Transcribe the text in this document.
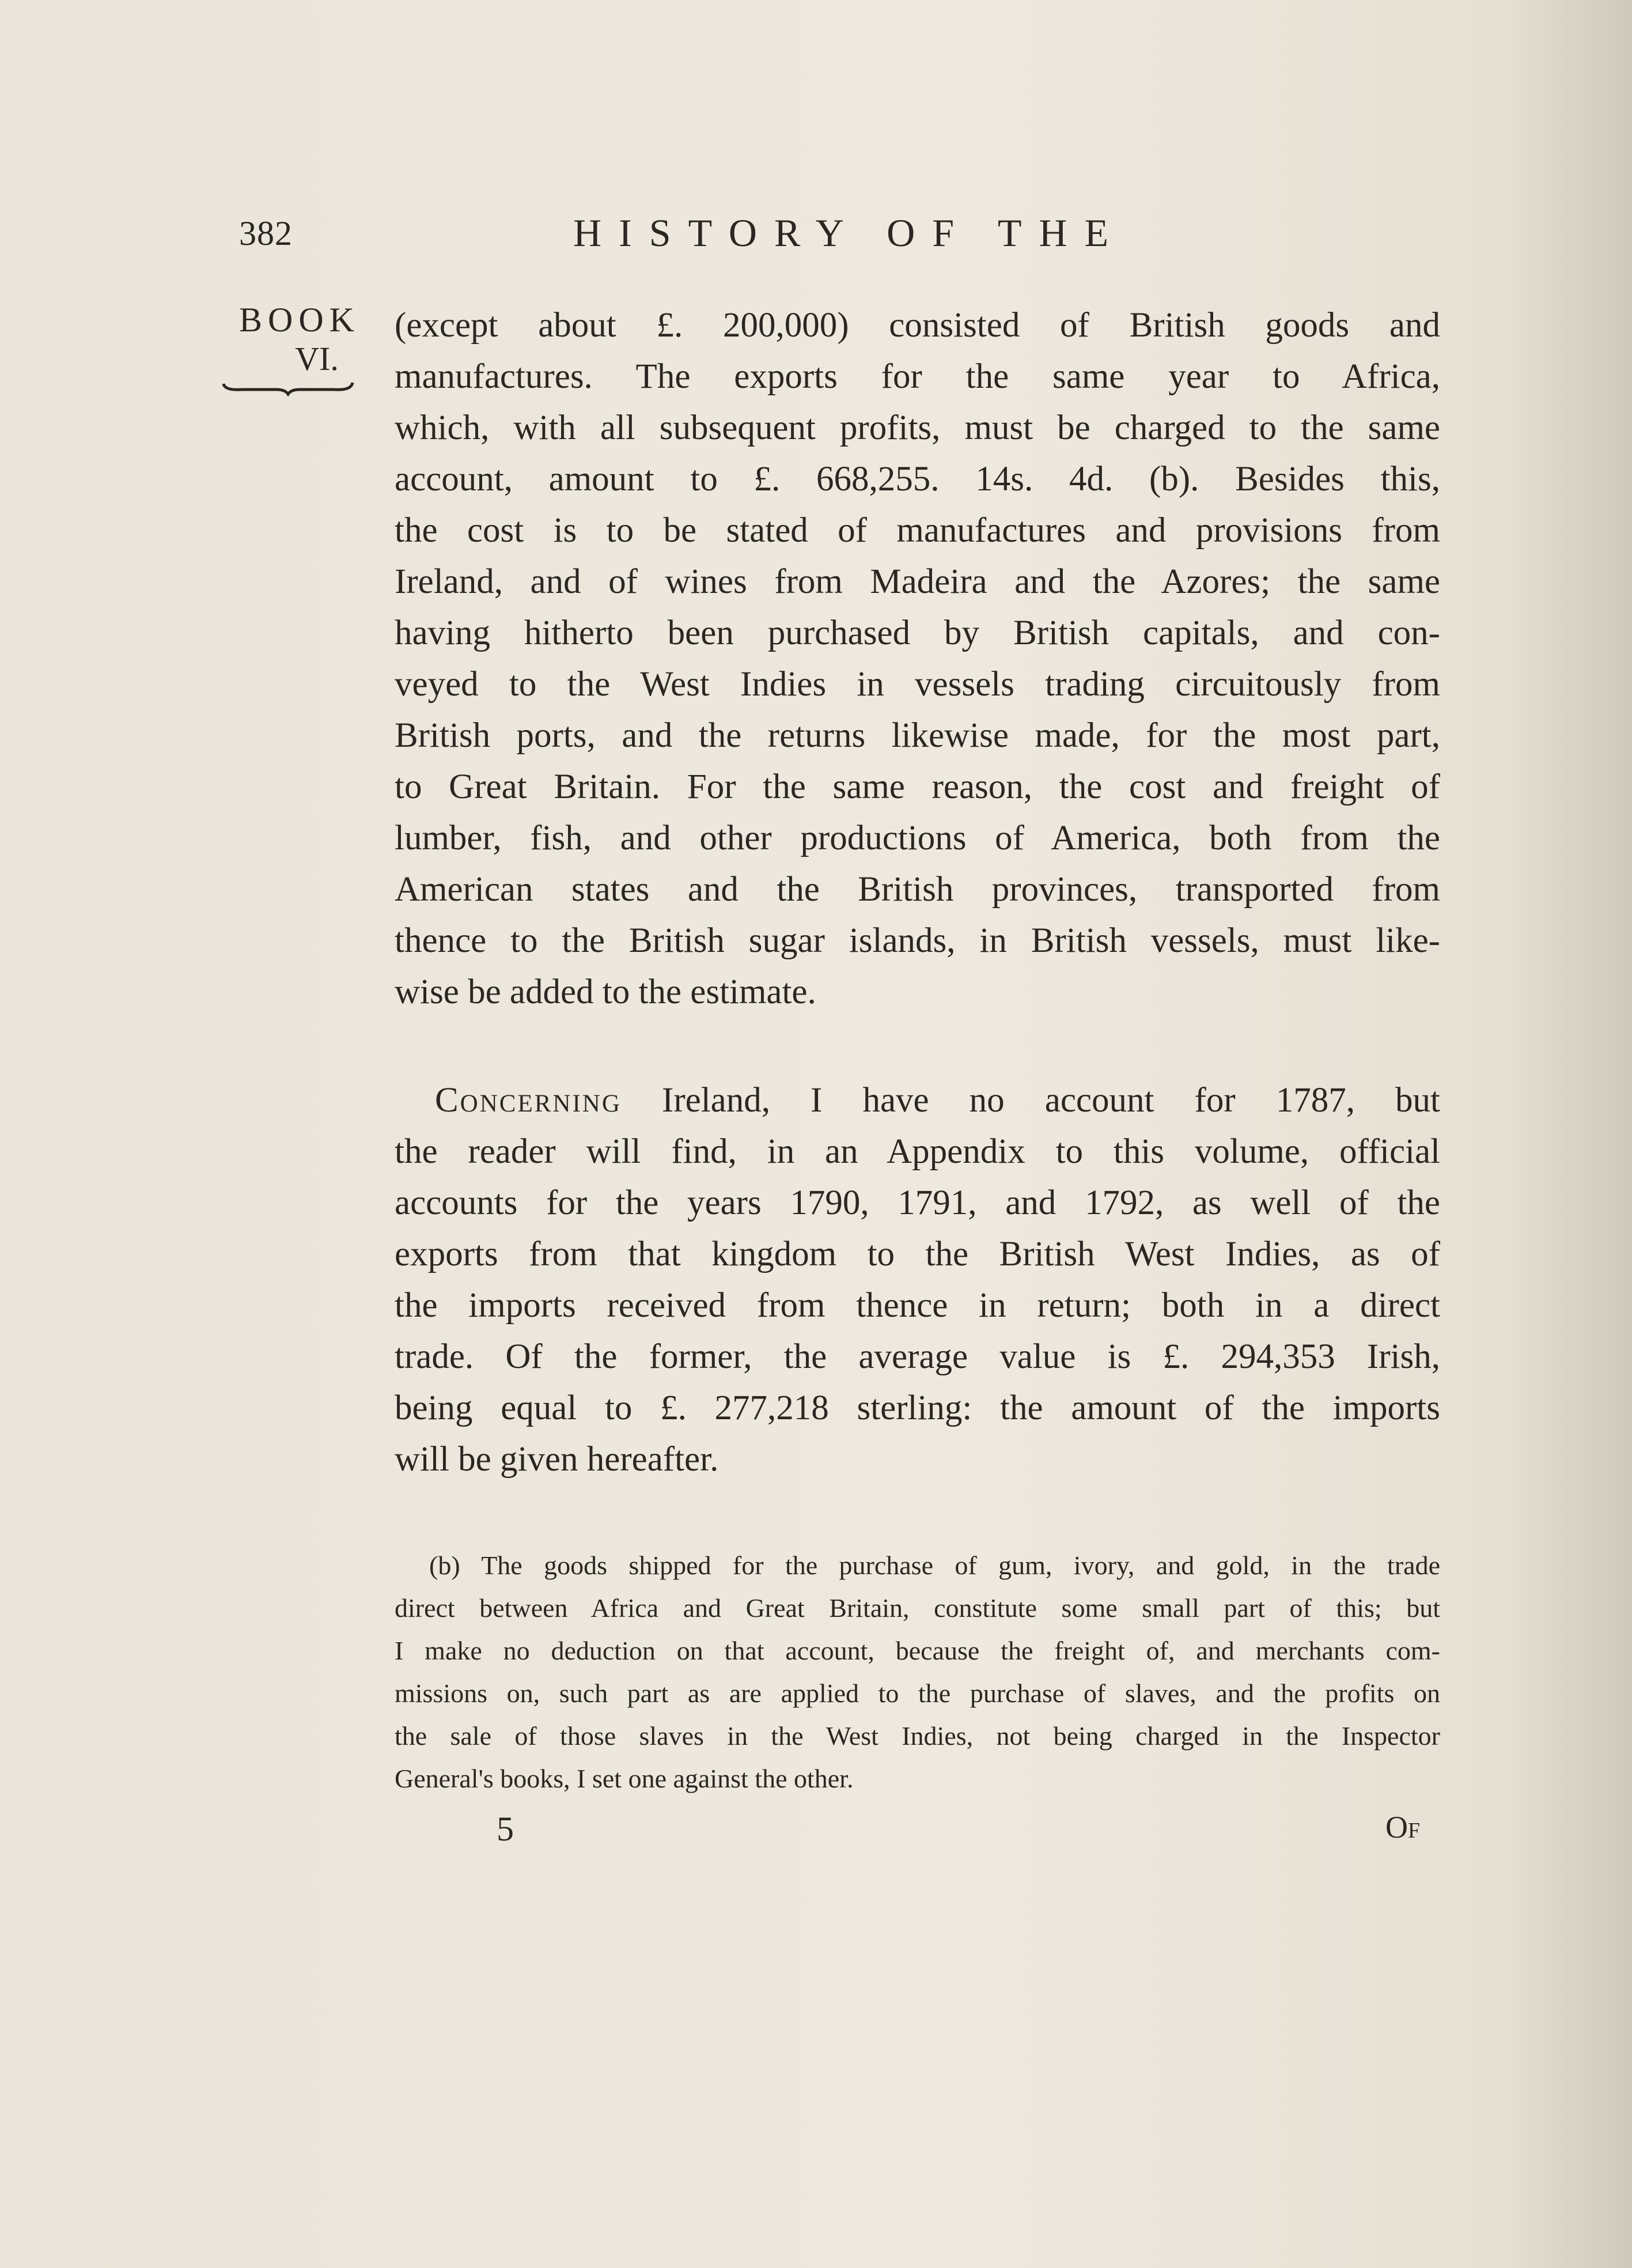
382	HISTORY OF THE
BOOK
VI.
(except about £. 200,000) consisted of British goods and
manufactures. The exports for the same year to Africa,
which, with all subsequent profits, must be charged to the same
account, amount to £. 668,255. 14s. 4d. (b). Besides this,
the cost is to be stated of manufactures and provisions from
Ireland, and of wines from Madeira and the Azores; the same
having hitherto been purchased by British capitals, and con-
veyed to the West Indies in vessels trading circuitously from
British ports, and the returns likewise made, for the most part,
to Great Britain. For the same reason, the cost and freight of
lumber, fish, and other productions of America, both from the
American states and the British provinces, transported from
thence to the British sugar islands, in British vessels, must like-
wise be added to the estimate.
Concerning Ireland, I have no account for 1787, but
the reader will find, in an Appendix to this volume, official
accounts for the years 1790, 1791, and 1792, as well of the
exports from that kingdom to the British West Indies, as of
the imports received from thence in return; both in a direct
trade. Of the former, the average value is £. 294,353 Irish,
being equal to £. 277,218 sterling: the amount of the imports
will be given hereafter.
(b) The goods shipped for the purchase of gum, ivory, and gold, in the trade
direct between Africa and Great Britain, constitute some small part of this; but
I make no deduction on that account, because the freight of, and merchants com-
missions on, such part as are applied to the purchase of slaves, and the profits on
the sale of those slaves in the West Indies, not being charged in the Inspector
General's books, I set one against the other.
5	Of
